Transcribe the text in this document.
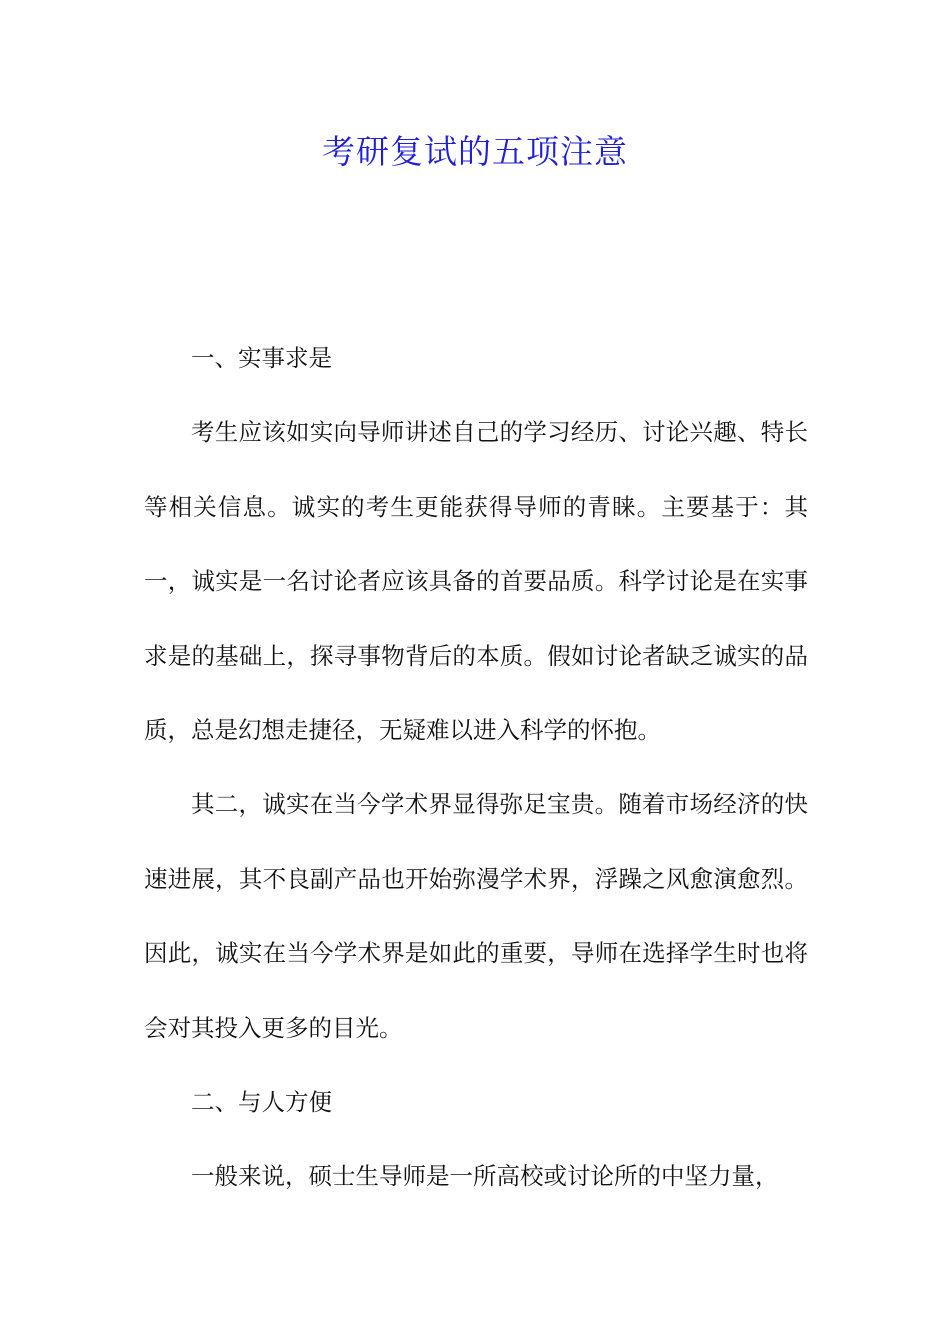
考研复试的五项注意

一、实事求是

考生应该如实向导师讲述自己的学习经历、讨论兴趣、特长等相关信息。诚实的考生更能获得导师的青睐。主要基于：其一，诚实是一名讨论者应该具备的首要品质。科学讨论是在实事求是的基础上，探寻事物背后的本质。假如讨论者缺乏诚实的品质，总是幻想走捷径，无疑难以进入科学的怀抱。

其二，诚实在当今学术界显得弥足宝贵。随着市场经济的快速进展，其不良副产品也开始弥漫学术界，浮躁之风愈演愈烈。因此，诚实在当今学术界是如此的重要，导师在选择学生时也将会对其投入更多的目光。

二、与人方便

一般来说，硕士生导师是一所高校或讨论所的中坚力量，
